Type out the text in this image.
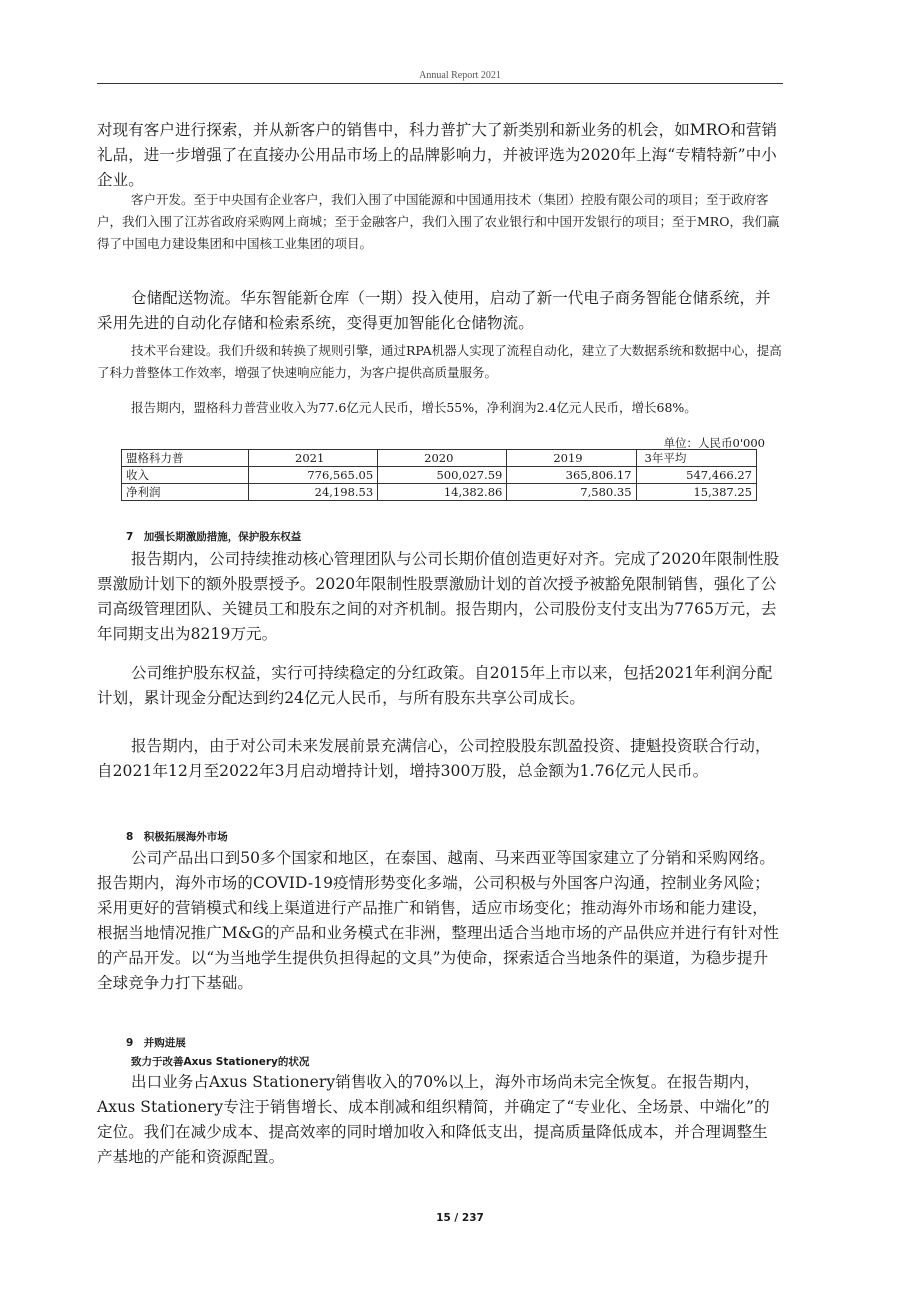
Annual Report 2021

对现有客户进行探索，并从新客户的销售中，科力普扩大了新类别和新业务的机会，如MRO和营销礼品，进一步增强了在直接办公用品市场上的品牌影响力，并被评选为2020年上海“专精特新”中小企业。

客户开发。至于中央国有企业客户，我们入围了中国能源和中国通用技术（集团）控股有限公司的项目；至于政府客户，我们入围了江苏省政府采购网上商城；至于金融客户，我们入围了农业银行和中国开发银行的项目；至于MRO，我们赢得了中国电力建设集团和中国核工业集团的项目。

仓储配送物流。华东智能新仓库（一期）投入使用，启动了新一代电子商务智能仓储系统，并采用先进的自动化存储和检索系统，变得更加智能化仓储物流。

技术平台建设。我们升级和转换了规则引擎，通过RPA机器人实现了流程自动化，建立了大数据系统和数据中心，提高了科力普整体工作效率，增强了快速响应能力，为客户提供高质量服务。

报告期内，盟格科力普营业收入为77.6亿元人民币，增长55%，净利润为2.4亿元人民币，增长68%。

单位：人民币0'000
盟格科力普	2021	2020	2019	3年平均
收入	776,565.05	500,027.59	365,806.17	547,466.27
净利润	24,198.53	14,382.86	7,580.35	15,387.25
7　加强长期激励措施，保护股东权益

报告期内，公司持续推动核心管理团队与公司长期价值创造更好对齐。完成了2020年限制性股票激励计划下的额外股票授予。2020年限制性股票激励计划的首次授予被豁免限制销售，强化了公司高级管理团队、关键员工和股东之间的对齐机制。报告期内，公司股份支付支出为7765万元，去年同期支出为8219万元。

公司维护股东权益，实行可持续稳定的分红政策。自2015年上市以来，包括2021年利润分配计划，累计现金分配达到约24亿元人民币，与所有股东共享公司成长。

报告期内，由于对公司未来发展前景充满信心，公司控股股东凯盈投资、捷魁投资联合行动，自2021年12月至2022年3月启动增持计划，增持300万股，总金额为1.76亿元人民币。

8　积极拓展海外市场

公司产品出口到50多个国家和地区，在泰国、越南、马来西亚等国家建立了分销和采购网络。报告期内，海外市场的COVID-19疫情形势变化多端，公司积极与外国客户沟通，控制业务风险；采用更好的营销模式和线上渠道进行产品推广和销售，适应市场变化；推动海外市场和能力建设，根据当地情况推广M&G的产品和业务模式在非洲，整理出适合当地市场的产品供应并进行有针对性的产品开发。以“为当地学生提供负担得起的文具”为使命，探索适合当地条件的渠道，为稳步提升全球竞争力打下基础。

9　并购进展
致力于改善Axus Stationery的状况

出口业务占Axus Stationery销售收入的70%以上，海外市场尚未完全恢复。在报告期内，Axus Stationery专注于销售增长、成本削减和组织精简，并确定了“专业化、全场景、中端化”的定位。我们在减少成本、提高效率的同时增加收入和降低支出，提高质量降低成本，并合理调整生产基地的产能和资源配置。

15 / 237
